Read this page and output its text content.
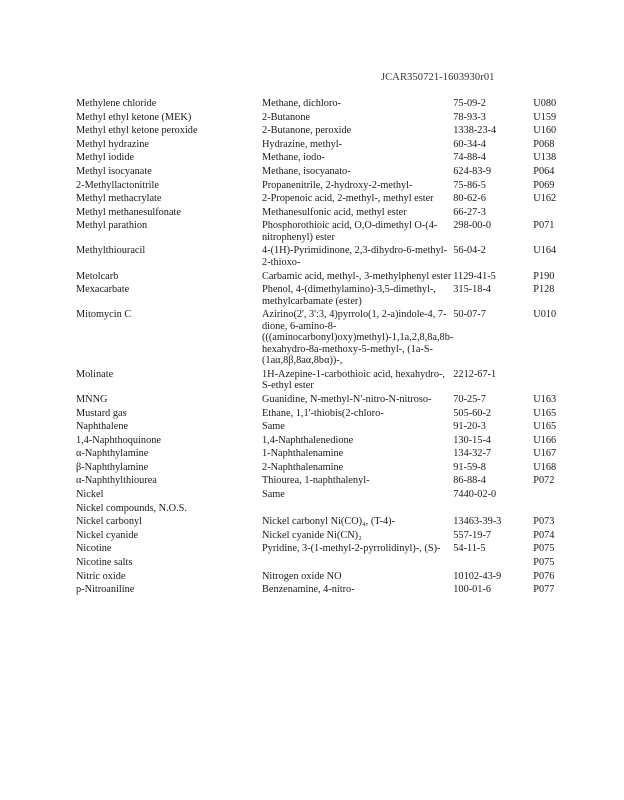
JCAR350721-1603930r01
Methylene chloride	Methane, dichloro-	75-09-2	U080
Methyl ethyl ketone (MEK)	2-Butanone	78-93-3	U159
Methyl ethyl ketone peroxide	2-Butanone, peroxide	1338-23-4	U160
Methyl hydrazine	Hydrazine, methyl-	60-34-4	P068
Methyl iodide	Methane, iodo-	74-88-4	U138
Methyl isocyanate	Methane, isocyanato-	624-83-9	P064
2-Methyllactonitrile	Propanenitrile, 2-hydroxy-2-methyl-	75-86-5	P069
Methyl methacrylate	2-Propenoic acid, 2-methyl-, methyl ester	80-62-6	U162
Methyl methanesulfonate	Methanesulfonic acid, methyl ester	66-27-3	
Methyl parathion	Phosphorothioic acid, O,O-dimethyl O-(4-nitrophenyl) ester	298-00-0	P071
Methylthiouracil	4-(1H)-Pyrimidinone, 2,3-dihydro-6-methyl-2-thioxo-	56-04-2	U164
Metolcarb	Carbamic acid, methyl-, 3-methylphenyl ester	1129-41-5	P190
Mexacarbate	Phenol, 4-(dimethylamino)-3,5-dimethyl-, methylcarbamate (ester)	315-18-4	P128
Mitomycin C	Azirino(2', 3':3, 4)pyrrolo(1, 2-a)indole-4, 7-dione, 6-amino-8-(((aminocarbonyl)oxy)methyl)-1,1a,2,8,8a,8b-hexahydro-8a-methoxy-5-methyl-, (1a-S-(1aα,8β,8aα,8bα))-,	50-07-7	U010
Molinate	1H-Azepine-1-carbothioic acid, hexahydro-, S-ethyl ester	2212-67-1	
MNNG	Guanidine, N-methyl-N'-nitro-N-nitroso-	70-25-7	U163
Mustard gas	Ethane, 1,1'-thiobis(2-chloro-	505-60-2	U165
Naphthalene	Same	91-20-3	U165
1,4-Naphthoquinone	1,4-Naphthalenedione	130-15-4	U166
α-Naphthylamine	1-Naphthalenamine	134-32-7	U167
β-Naphthylamine	2-Naphthalenamine	91-59-8	U168
α-Naphthylthiourea	Thiourea, 1-naphthalenyl-	86-88-4	P072
Nickel	Same	7440-02-0	
Nickel compounds, N.O.S.			
Nickel carbonyl	Nickel carbonyl Ni(CO)₄, (T-4)-	13463-39-3	P073
Nickel cyanide	Nickel cyanide Ni(CN)₂	557-19-7	P074
Nicotine	Pyridine, 3-(1-methyl-2-pyrrolidinyl)-, (S)-	54-11-5	P075
Nicotine salts			P075
Nitric oxide	Nitrogen oxide NO	10102-43-9	P076
p-Nitroaniline	Benzenamine, 4-nitro-	100-01-6	P077
